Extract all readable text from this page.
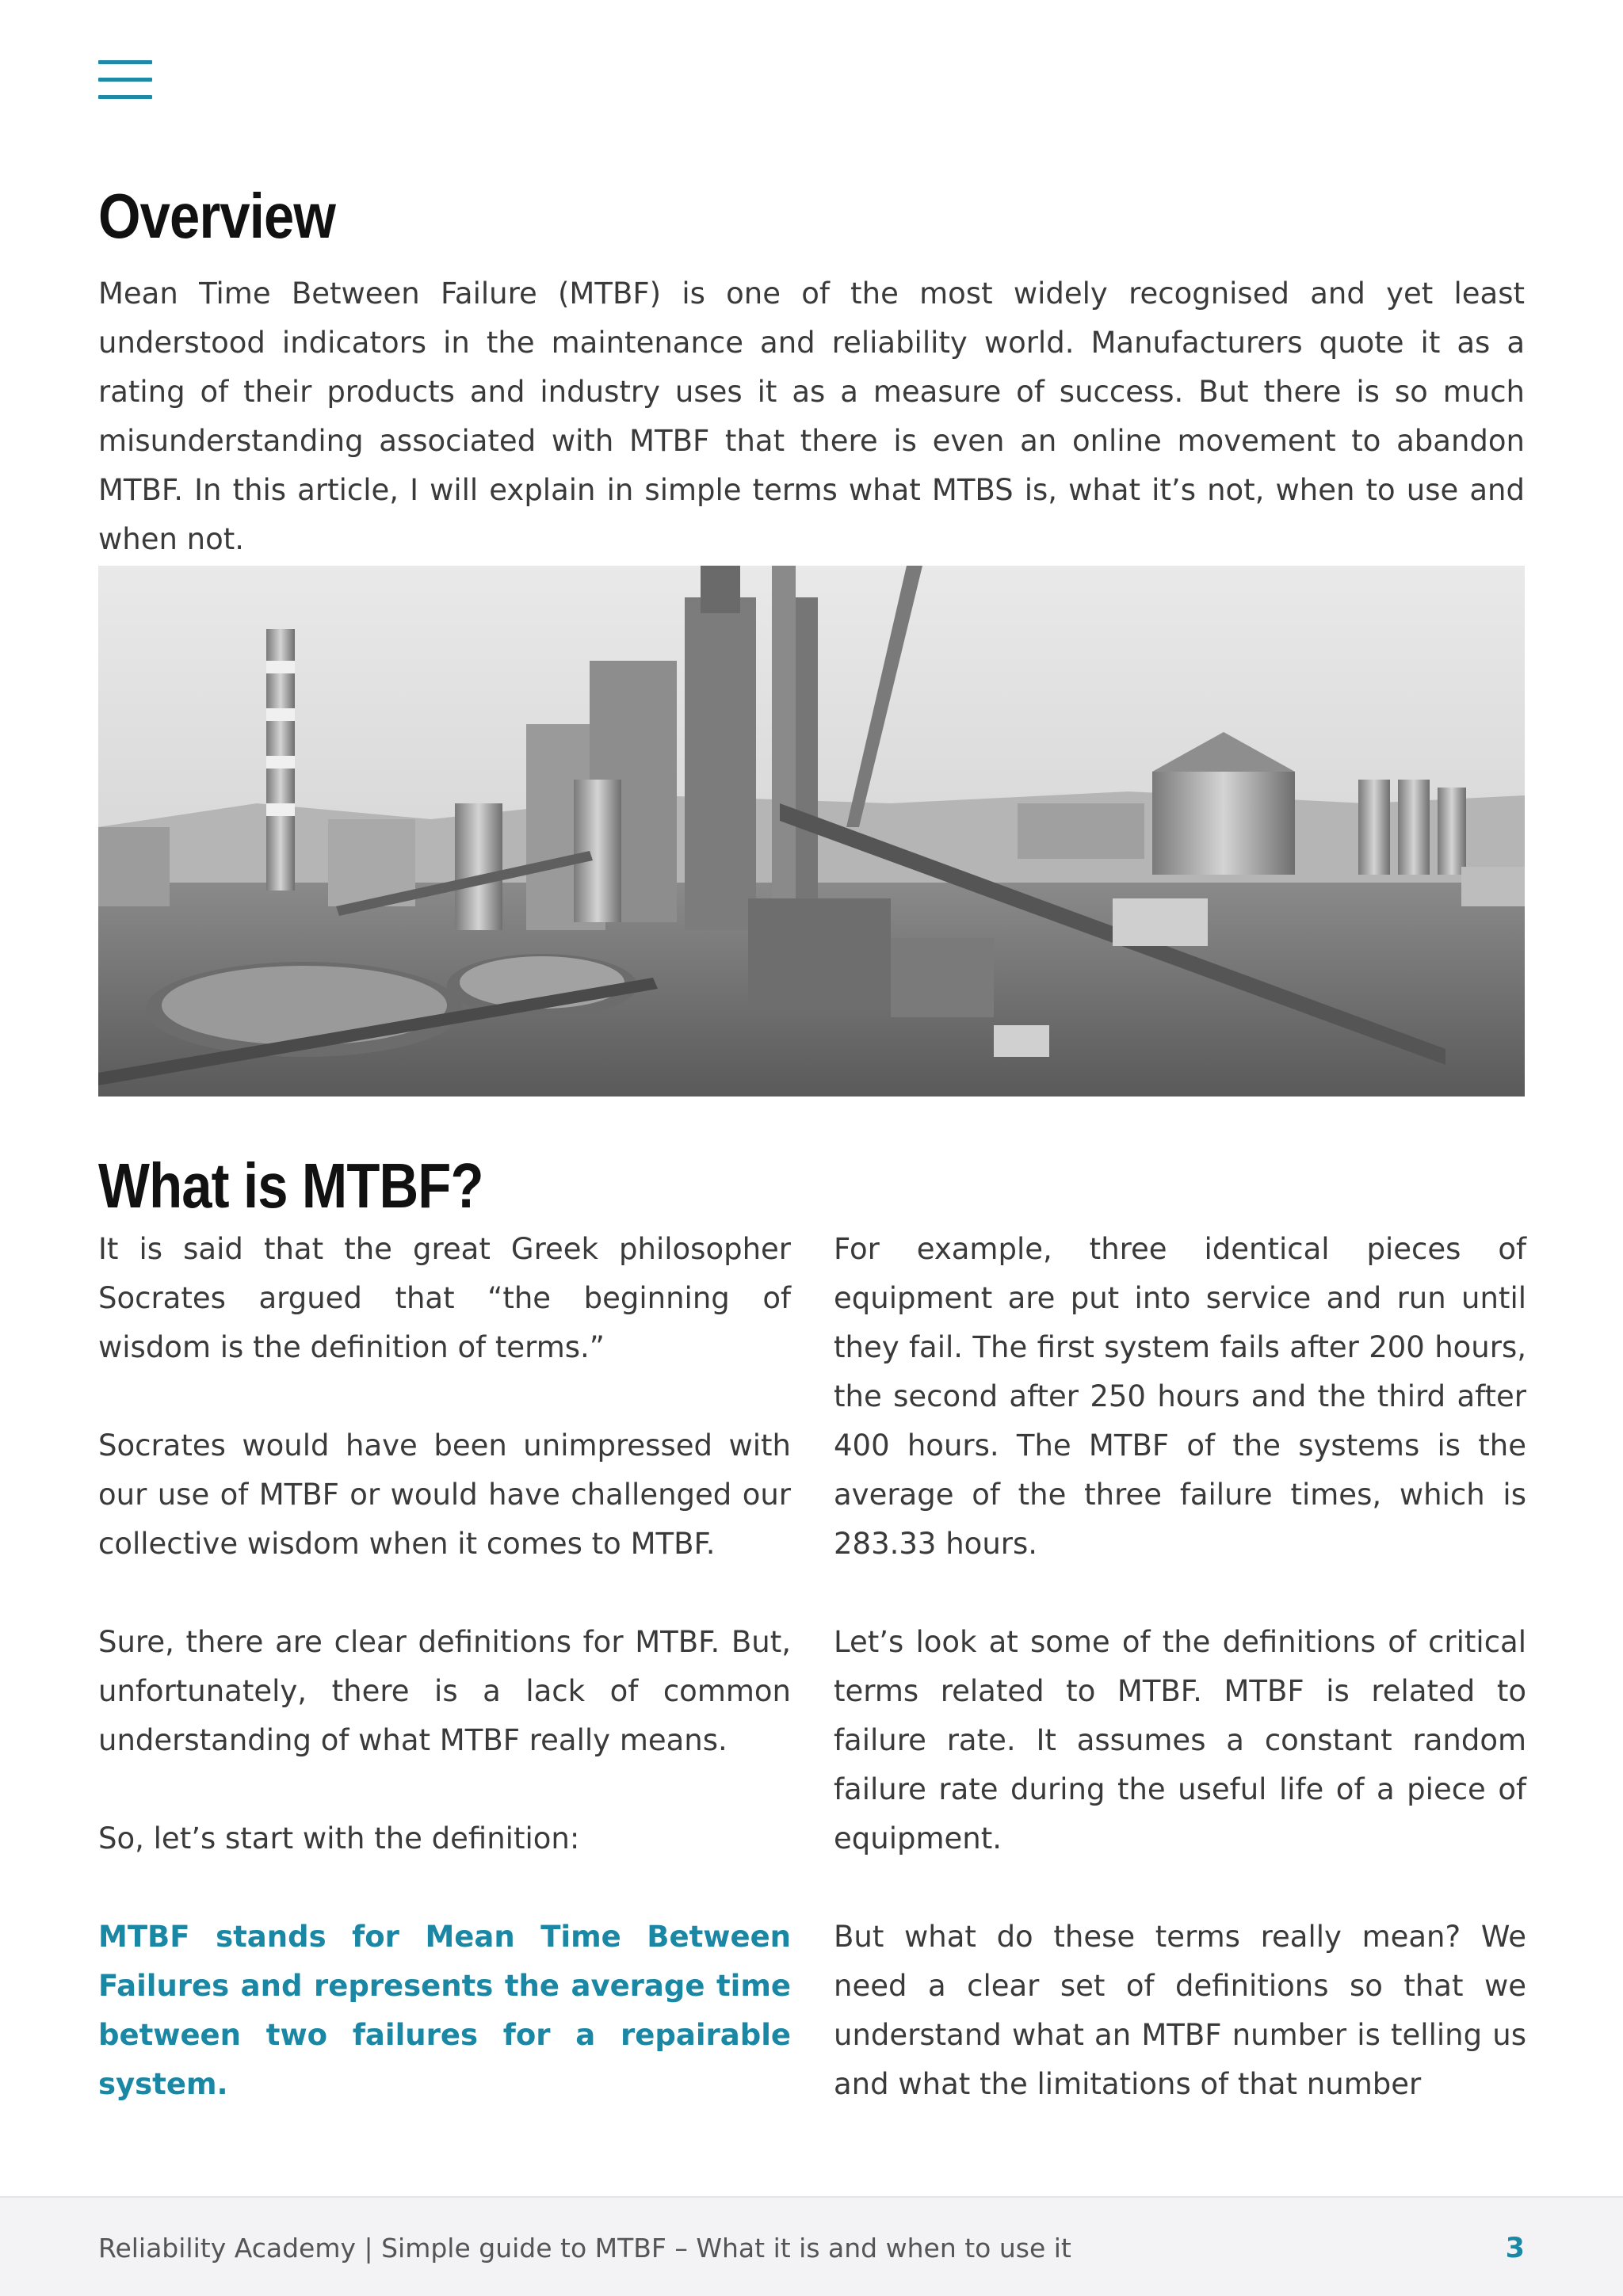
Overview

Mean Time Between Failure (MTBF) is one of the most widely recognised and yet least understood indicators in the maintenance and reliability world. Manufacturers quote it as a rating of their products and industry uses it as a measure of success. But there is so much misunderstanding associated with MTBF that there is even an online movement to abandon MTBF. In this article, I will explain in simple terms what MTBS is, what it’s not, when to use and when not.

What is MTBF?

It is said that the great Greek philosopher Socrates argued that “the beginning of wisdom is the definition of terms.”

Socrates would have been unimpressed with our use of MTBF or would have challenged our collective wisdom when it comes to MTBF.

Sure, there are clear definitions for MTBF. But, unfortunately, there is a lack of common understanding of what MTBF really means.

So, let’s start with the definition:

MTBF stands for Mean Time Between Failures and represents the average time between two failures for a repairable system.

For example, three identical pieces of equipment are put into service and run until they fail. The first system fails after 200 hours, the second after 250 hours and the third after 400 hours. The MTBF of the systems is the average of the three failure times, which is 283.33 hours.

Let’s look at some of the definitions of critical terms related to MTBF. MTBF is related to failure rate. It assumes a constant random failure rate during the useful life of a piece of equipment.

But what do these terms really mean? We need a clear set of definitions so that we understand what an MTBF number is telling us and what the limitations of that number

Reliability Academy | Simple guide to MTBF – What it is and when to use it	3
